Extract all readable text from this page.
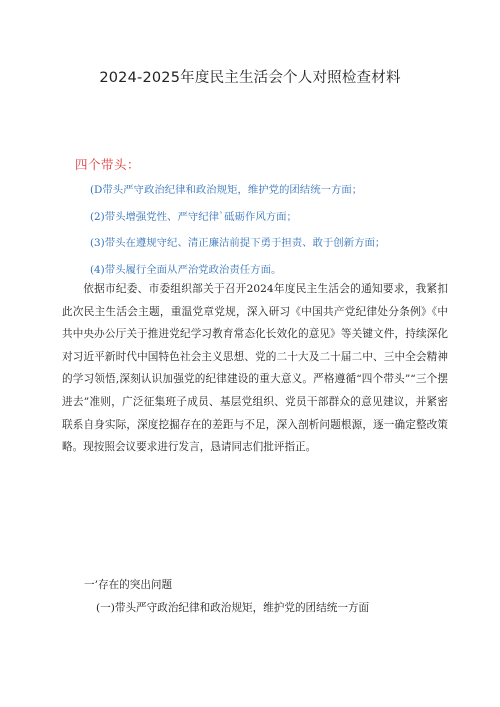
2024-2025年度民主生活会个人对照检查材料
四个带头：
(D带头严守政治纪律和政治规矩，维护党的团结统一方面；
(2)带头增强党性、严守纪律`砥砺作风方面；
(3)带头在遵规守纪、清正廉洁前提下勇于担责、敢于创新方面；
(4)带头履行全面从严治党政治责任方面。

依据市纪委、市委组织部关于召开2024年度民主生活会的通知要求，我紧扣此次民主生活会主题，重温党章党规，深入研习《中国共产党纪律处分条例》《中共中央办公厅关于推进党纪学习教育常态化长效化的意见》等关键文件，持续深化对习近平新时代中国特色社会主义思想、党的二十大及二十届二中、三中全会精神的学习领悟,深刻认识加强党的纪律建设的重大意义。严格遵循“四个带头”“三个摆进去”准则，广泛征集班子成员、基层党组织、党员干部群众的意见建议，并紧密联系自身实际，深度挖掘存在的差距与不足，深入剖析问题根源，逐一确定整改策略。现按照会议要求进行发言，恳请同志们批评指正。

一’存在的突出问题
(一)带头严守政治纪律和政治规矩，维护党的团结统一方面
